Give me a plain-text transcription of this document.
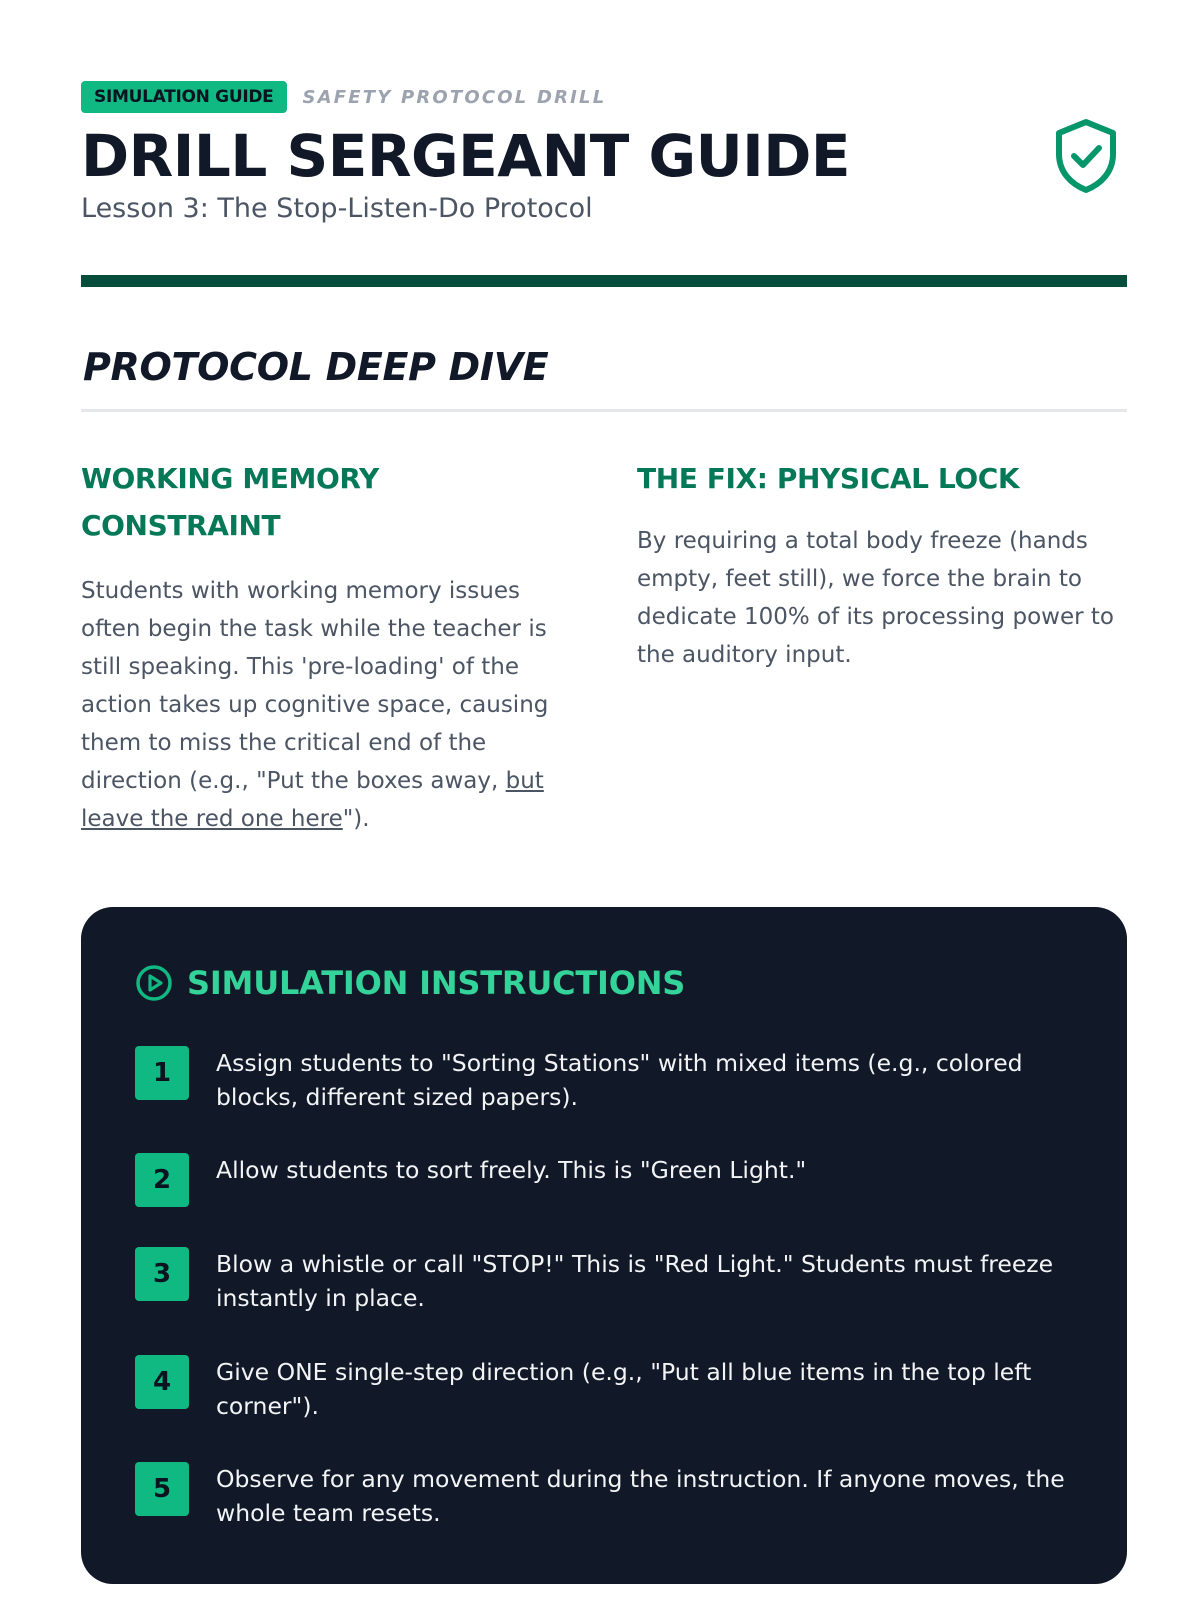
SIMULATION GUIDE	SAFETY PROTOCOL DRILL
DRILL SERGEANT GUIDE
Lesson 3: The Stop-Listen-Do Protocol
PROTOCOL DEEP DIVE
WORKING MEMORY
CONSTRAINT

Students with working memory issues often begin the task while the teacher is still speaking. This 'pre-loading' of the action takes up cognitive space, causing them to miss the critical end of the direction (e.g., "Put the boxes away, but leave the red one here").

THE FIX: PHYSICAL LOCK

By requiring a total body freeze (hands empty, feet still), we force the brain to dedicate 100% of its processing power to the auditory input.

SIMULATION INSTRUCTIONS
1	Assign students to "Sorting Stations" with mixed items (e.g., colored blocks, different sized papers).
2	Allow students to sort freely. This is "Green Light."
3	Blow a whistle or call "STOP!" This is "Red Light." Students must freeze instantly in place.
4	Give ONE single-step direction (e.g., "Put all blue items in the top left corner").
5	Observe for any movement during the instruction. If anyone moves, the whole team resets.
